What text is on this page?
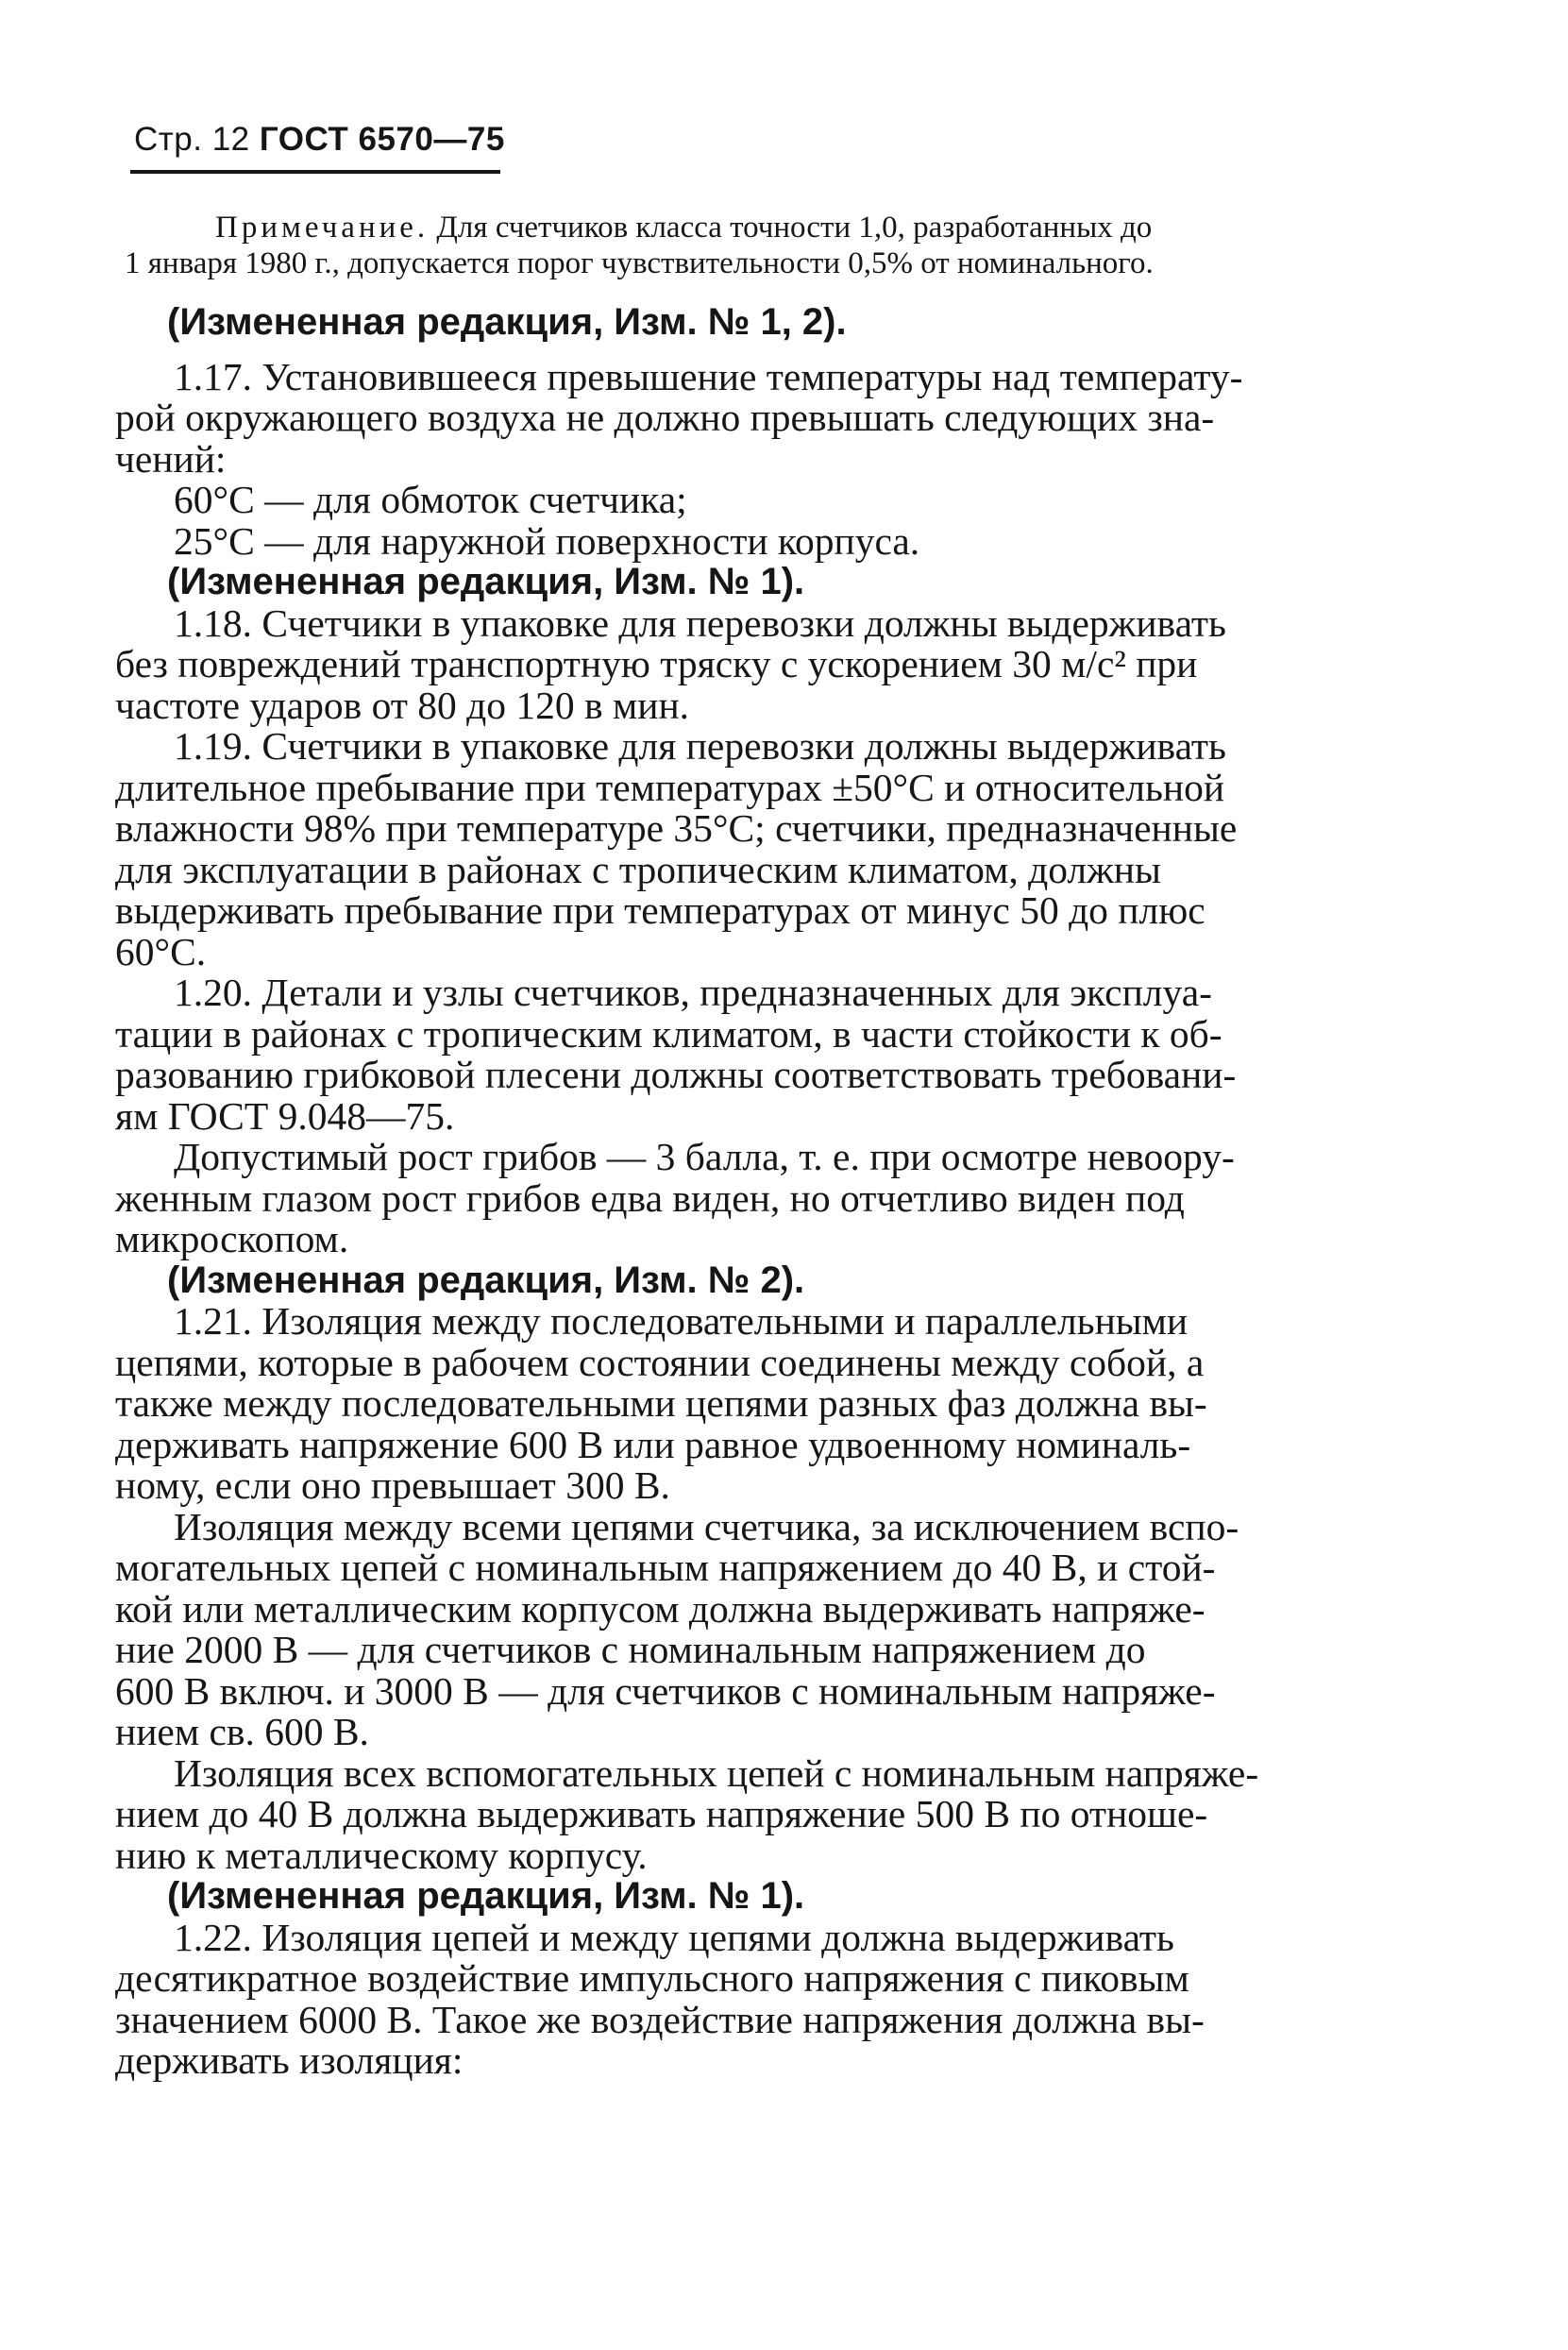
Стр. 12 ГОСТ 6570—75
Примечание. Для счетчиков класса точности 1,0, разработанных до
1 января 1980 г., допускается порог чувствительности 0,5% от номинального.
(Измененная редакция, Изм. № 1, 2).
1.17. Установившееся превышение температуры над температу-
рой окружающего воздуха не должно превышать следующих зна-
чений:
60°С — для обмоток счетчика;
25°С — для наружной поверхности корпуса.
(Измененная редакция, Изм. № 1).
1.18. Счетчики в упаковке для перевозки должны выдерживать
без повреждений транспортную тряску с ускорением 30 м/с² при
частоте ударов от 80 до 120 в мин.
1.19. Счетчики в упаковке для перевозки должны выдерживать
длительное пребывание при температурах ±50°С и относительной
влажности 98% при температуре 35°С; счетчики, предназначенные
для эксплуатации в районах с тропическим климатом, должны
выдерживать пребывание при температурах от минус 50 до плюс
60°С.
1.20. Детали и узлы счетчиков, предназначенных для эксплуа-
тации в районах с тропическим климатом, в части стойкости к об-
разованию грибковой плесени должны соответствовать требовани-
ям ГОСТ 9.048—75.
Допустимый рост грибов — 3 балла, т. е. при осмотре невоору-
женным глазом рост грибов едва виден, но отчетливо виден под
микроскопом.
(Измененная редакция, Изм. № 2).
1.21. Изоляция между последовательными и параллельными
цепями, которые в рабочем состоянии соединены между собой, а
также между последовательными цепями разных фаз должна вы-
держивать напряжение 600 В или равное удвоенному номиналь-
ному, если оно превышает 300 В.
Изоляция между всеми цепями счетчика, за исключением вспо-
могательных цепей с номинальным напряжением до 40 В, и стой-
кой или металлическим корпусом должна выдерживать напряже-
ние 2000 В — для счетчиков с номинальным напряжением до
600 В включ. и 3000 В — для счетчиков с номинальным напряже-
нием св. 600 В.
Изоляция всех вспомогательных цепей с номинальным напряже-
нием до 40 В должна выдерживать напряжение 500 В по отноше-
нию к металлическому корпусу.
(Измененная редакция, Изм. № 1).
1.22. Изоляция цепей и между цепями должна выдерживать
десятикратное воздействие импульсного напряжения с пиковым
значением 6000 В. Такое же воздействие напряжения должна вы-
держивать изоляция:
